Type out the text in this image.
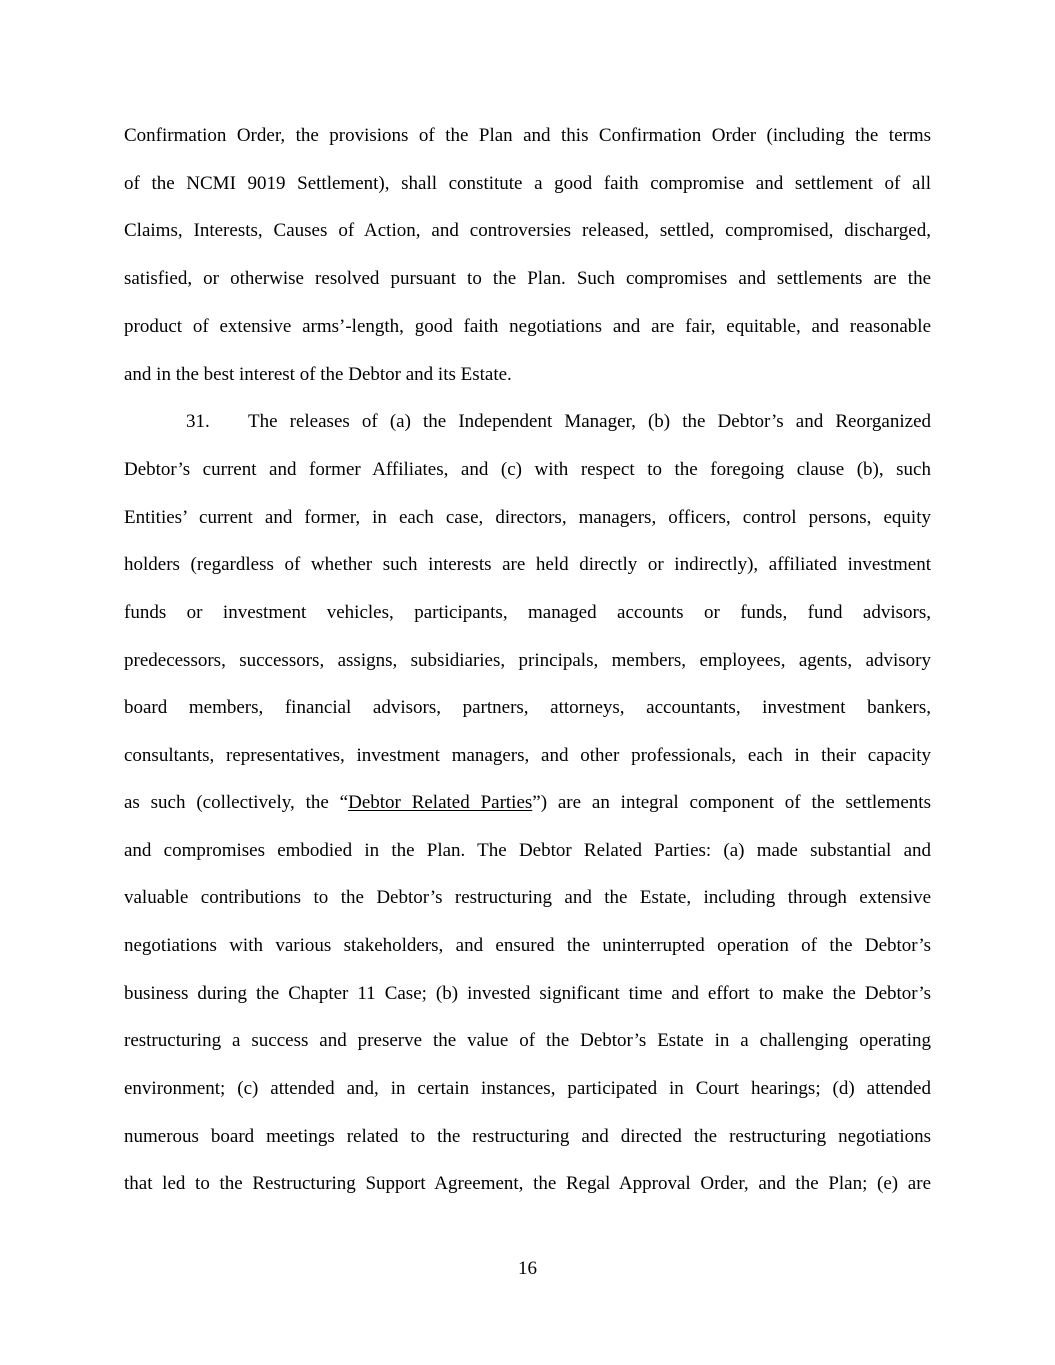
Confirmation Order, the provisions of the Plan and this Confirmation Order (including the terms
of the NCMI 9019 Settlement), shall constitute a good faith compromise and settlement of all
Claims, Interests, Causes of Action, and controversies released, settled, compromised, discharged,
satisfied, or otherwise resolved pursuant to the Plan. Such compromises and settlements are the
product of extensive arms’-length, good faith negotiations and are fair, equitable, and reasonable
and in the best interest of the Debtor and its Estate.
31. The releases of (a) the Independent Manager, (b) the Debtor’s and Reorganized
Debtor’s current and former Affiliates, and (c) with respect to the foregoing clause (b), such
Entities’ current and former, in each case, directors, managers, officers, control persons, equity
holders (regardless of whether such interests are held directly or indirectly), affiliated investment
funds or investment vehicles, participants, managed accounts or funds, fund advisors,
predecessors, successors, assigns, subsidiaries, principals, members, employees, agents, advisory
board members, financial advisors, partners, attorneys, accountants, investment bankers,
consultants, representatives, investment managers, and other professionals, each in their capacity
as such (collectively, the “Debtor Related Parties”) are an integral component of the settlements
and compromises embodied in the Plan. The Debtor Related Parties: (a) made substantial and
valuable contributions to the Debtor’s restructuring and the Estate, including through extensive
negotiations with various stakeholders, and ensured the uninterrupted operation of the Debtor’s
business during the Chapter 11 Case; (b) invested significant time and effort to make the Debtor’s
restructuring a success and preserve the value of the Debtor’s Estate in a challenging operating
environment; (c) attended and, in certain instances, participated in Court hearings; (d) attended
numerous board meetings related to the restructuring and directed the restructuring negotiations
that led to the Restructuring Support Agreement, the Regal Approval Order, and the Plan; (e) are
16
